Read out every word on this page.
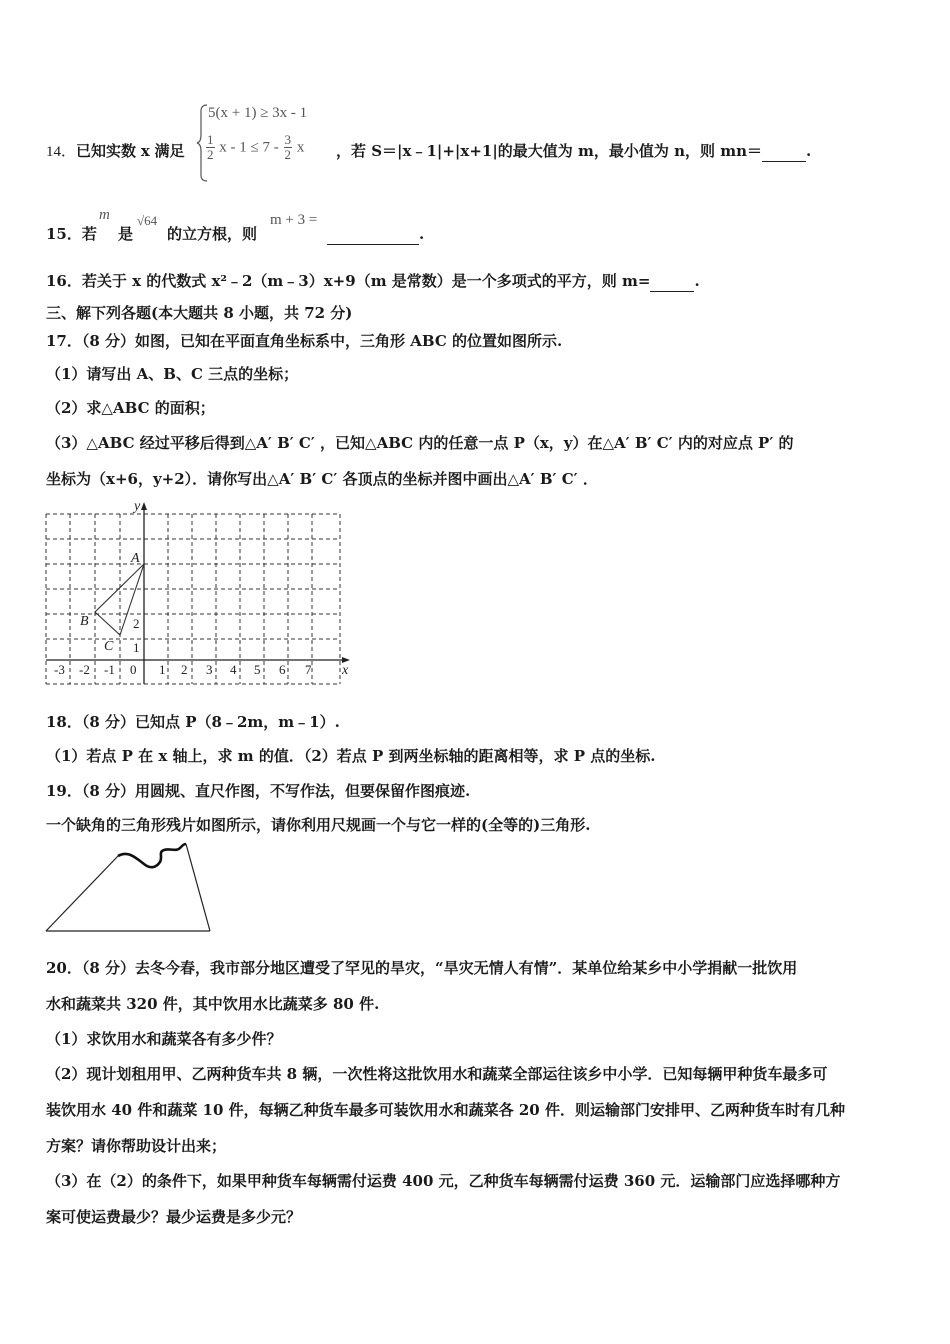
14．已知实数 x 满足
5(x + 1) ≥ 3x - 1
$\frac{1}{2}$ $x - 1 \le 7 - \frac{3}{2}$ x ，若 S＝|x﹣1|+|x+1|的最大值为 m，最小值为 n，则 mn＝	.
15．若
m
是
√64
的立方根，则
m + 3 =
.
16．若关于 x 的代数式 x²﹣2（m﹣3）x+9（m 是常数）是一个多项式的平方，则 m=	.
三、解下列各题(本大题共 8 小题，共 72 分)
17．（8 分）如图，已知在平面直角坐标系中，三角形 ABC 的位置如图所示.
（1）请写出 A、B、C 三点的坐标；
（2）求△ABC 的面积；
（3）△ABC 经过平移后得到△A′ B′ C′ ，已知△ABC 内的任意一点 P（x，y）在△A′ B′ C′ 内的对应点 P′ 的
坐标为（x+6，y+2）．请你写出△A′ B′ C′ 各顶点的坐标并图中画出△A′ B′ C′ ．
y
x
-3 -2 -1 0 1 2 3 4 5 6 7
1
2
A
B
C
18．（8 分）已知点 P（8﹣2m，m﹣1）.
（1）若点 P 在 x 轴上，求 m 的值．（2）若点 P 到两坐标轴的距离相等，求 P 点的坐标.
19．（8 分）用圆规、直尺作图，不写作法，但要保留作图痕迹.
一个缺角的三角形残片如图所示，请你利用尺规画一个与它一样的(全等的)三角形.
20．（8 分）去冬今春，我市部分地区遭受了罕见的旱灾，“旱灾无情人有情”．某单位给某乡中小学捐献一批饮用
水和蔬菜共 320 件，其中饮用水比蔬菜多 80 件.
（1）求饮用水和蔬菜各有多少件？
（2）现计划租用甲、乙两种货车共 8 辆，一次性将这批饮用水和蔬菜全部运往该乡中小学．已知每辆甲种货车最多可
装饮用水 40 件和蔬菜 10 件，每辆乙种货车最多可装饮用水和蔬菜各 20 件．则运输部门安排甲、乙两种货车时有几种
方案？请你帮助设计出来；
（3）在（2）的条件下，如果甲种货车每辆需付运费 400 元，乙种货车每辆需付运费 360 元．运输部门应选择哪种方
案可使运费最少？最少运费是多少元？
